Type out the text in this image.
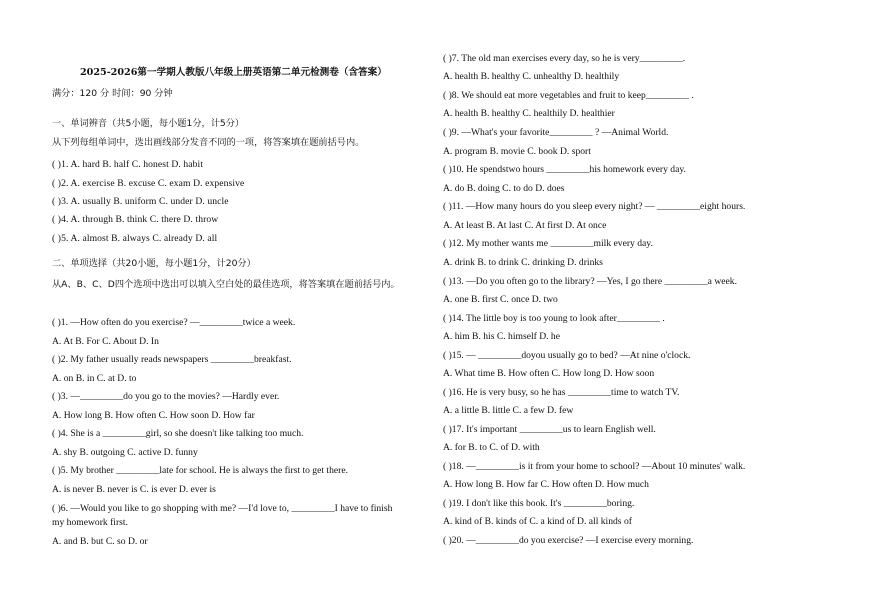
2025-2026第一学期人教版八年级上册英语第二单元检测卷（含答案）
满分：120 分 时间：90 分钟
一、单词辨音（共5小题，每小题1分，计5分）
从下列每组单词中，选出画线部分发音不同的一项，将答案填在题前括号内。
( )1. A. hard B. half C. honest D. habit
( )2. A. exercise B. excuse C. exam D. expensive
( )3. A. usually B. uniform C. under D. uncle
( )4. A. through B. think C. there D. throw
( )5. A. almost B. always C. already D. all
二、单项选择（共20小题，每小题1分，计20分）
从A、B、C、D四个选项中选出可以填入空白处的最佳选项，将答案填在题前括号内。
( )1. —How often do you exercise? —_________twice a week.
A. At B. For C. About D. In
( )2. My father usually reads newspapers _________breakfast.
A. on B. in C. at D. to
( )3. —_________do you go to the movies? —Hardly ever.
A. How long B. How often C. How soon D. How far
( )4. She is a _________girl, so she doesn't like talking too much.
A. shy B. outgoing C. active D. funny
( )5. My brother _________late for school. He is always the first to get there.
A. is never B. never is C. is ever D. ever is
( )6. —Would you like to go shopping with me? —I'd love to, _________I have to finish
my homework first.
A. and B. but C. so D. or
( )7. The old man exercises every day, so he is very_________.
A. health B. healthy C. unhealthy D. healthily
( )8. We should eat more vegetables and fruit to keep_________ .
A. health B. healthy C. healthily D. healthier
( )9. —What's your favorite_________ ? —Animal World.
A. program B. movie C. book D. sport
( )10. He spendstwo hours _________his homework every day.
A. do B. doing C. to do D. does
( )11. —How many hours do you sleep every night? — _________eight hours.
A. At least B. At last C. At first D. At once
( )12. My mother wants me _________milk every day.
A. drink B. to drink C. drinking D. drinks
( )13. —Do you often go to the library? —Yes, I go there _________a week.
A. one B. first C. once D. two
( )14. The little boy is too young to look after_________ .
A. him B. his C. himself D. he
( )15. — _________doyou usually go to bed? —At nine o'clock.
A. What time B. How often C. How long D. How soon
( )16. He is very busy, so he has _________time to watch TV.
A. a little B. little C. a few D. few
( )17. It's important _________us to learn English well.
A. for B. to C. of D. with
( )18. —_________is it from your home to school? —About 10 minutes' walk.
A. How long B. How far C. How often D. How much
( )19. I don't like this book. It's _________boring.
A. kind of B. kinds of C. a kind of D. all kinds of
( )20. —_________do you exercise? —I exercise every morning.
